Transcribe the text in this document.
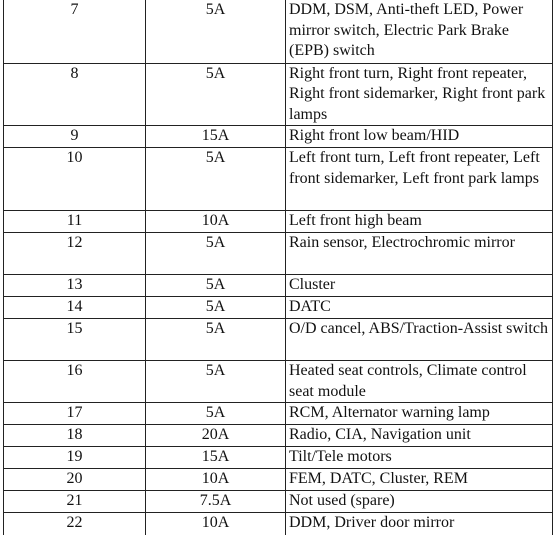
7	5A	DDM, DSM, Anti-theft LED, Power mirror switch, Electric Park Brake (EPB) switch
8	5A	Right front turn, Right front repeater, Right front sidemarker, Right front park lamps
9	15A	Right front low beam/HID
10	5A	Left front turn, Left front repeater, Left front sidemarker, Left front park lamps
11	10A	Left front high beam
12	5A	Rain sensor, Electrochromic mirror
13	5A	Cluster
14	5A	DATC
15	5A	O/D cancel, ABS/Traction-Assist switch
16	5A	Heated seat controls, Climate control seat module
17	5A	RCM, Alternator warning lamp
18	20A	Radio, CIA, Navigation unit
19	15A	Tilt/Tele motors
20	10A	FEM, DATC, Cluster, REM
21	7.5A	Not used (spare)
22	10A	DDM, Driver door mirror
